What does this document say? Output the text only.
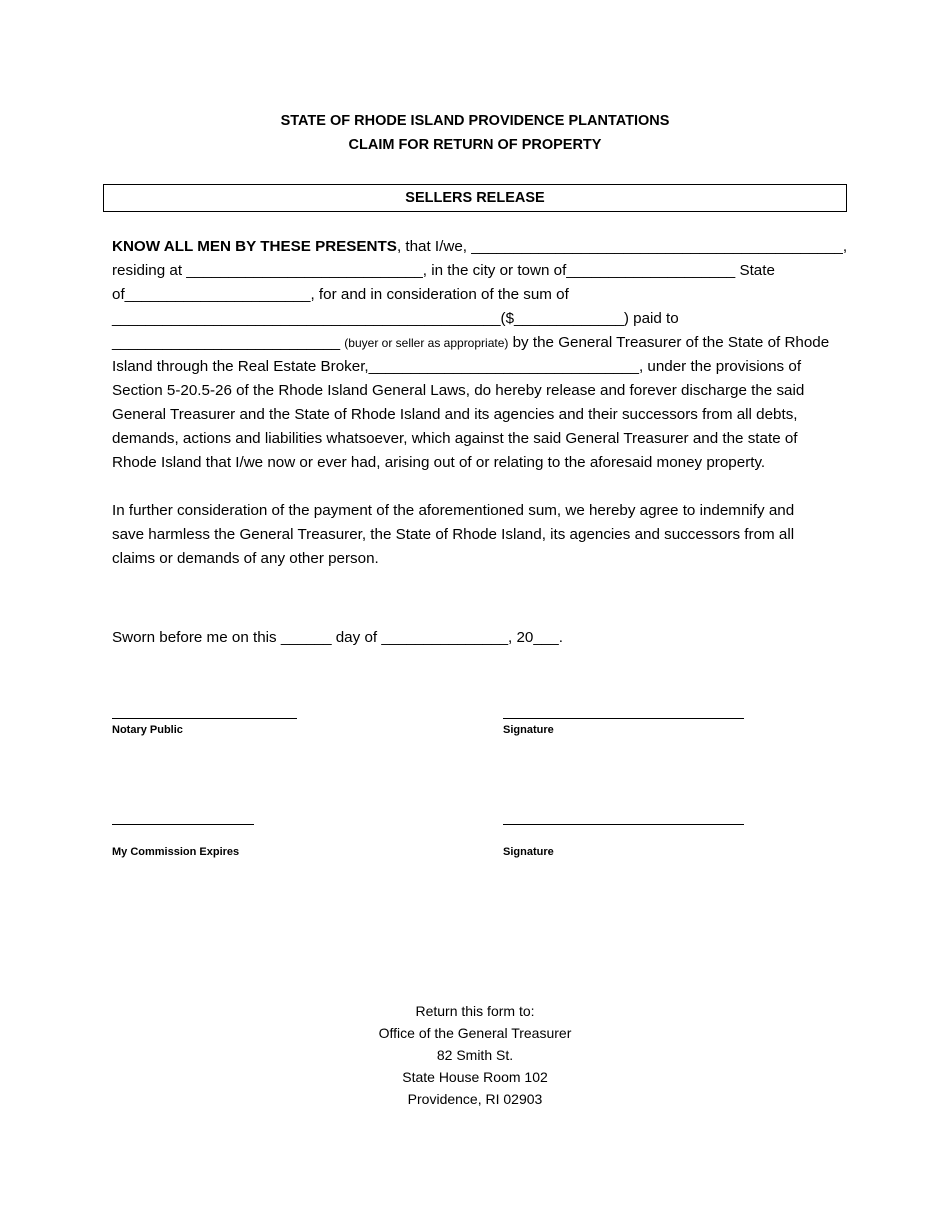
STATE OF RHODE ISLAND PROVIDENCE PLANTATIONS
CLAIM FOR RETURN OF PROPERTY
SELLERS RELEASE
KNOW ALL MEN BY THESE PRESENTS, that I/we, ____________________________________________,
residing at ____________________________, in the city or town of____________________ State
of______________________, for and in consideration of the sum of
______________________________________________($_____________) paid to
___________________________ (buyer or seller as appropriate) by the General Treasurer of the State of Rhode
Island through the Real Estate Broker,________________________________, under the provisions of
Section 5-20.5-26 of the Rhode Island General Laws, do hereby release and forever discharge the said
General Treasurer and the State of Rhode Island and its agencies and their successors from all debts,
demands, actions and liabilities whatsoever, which against the said General Treasurer and the state of
Rhode Island that I/we now or ever had, arising out of or relating to the aforesaid money property.
In further consideration of the payment of the aforementioned sum, we hereby agree to indemnify and
save harmless the General Treasurer, the State of Rhode Island, its agencies and successors from all
claims or demands of any other person.
Sworn before me on this ______ day of _______________, 20___.
Notary Public	Signature
My Commission Expires	Signature
Return this form to:
Office of the General Treasurer
82 Smith St.
State House Room 102
Providence, RI 02903
